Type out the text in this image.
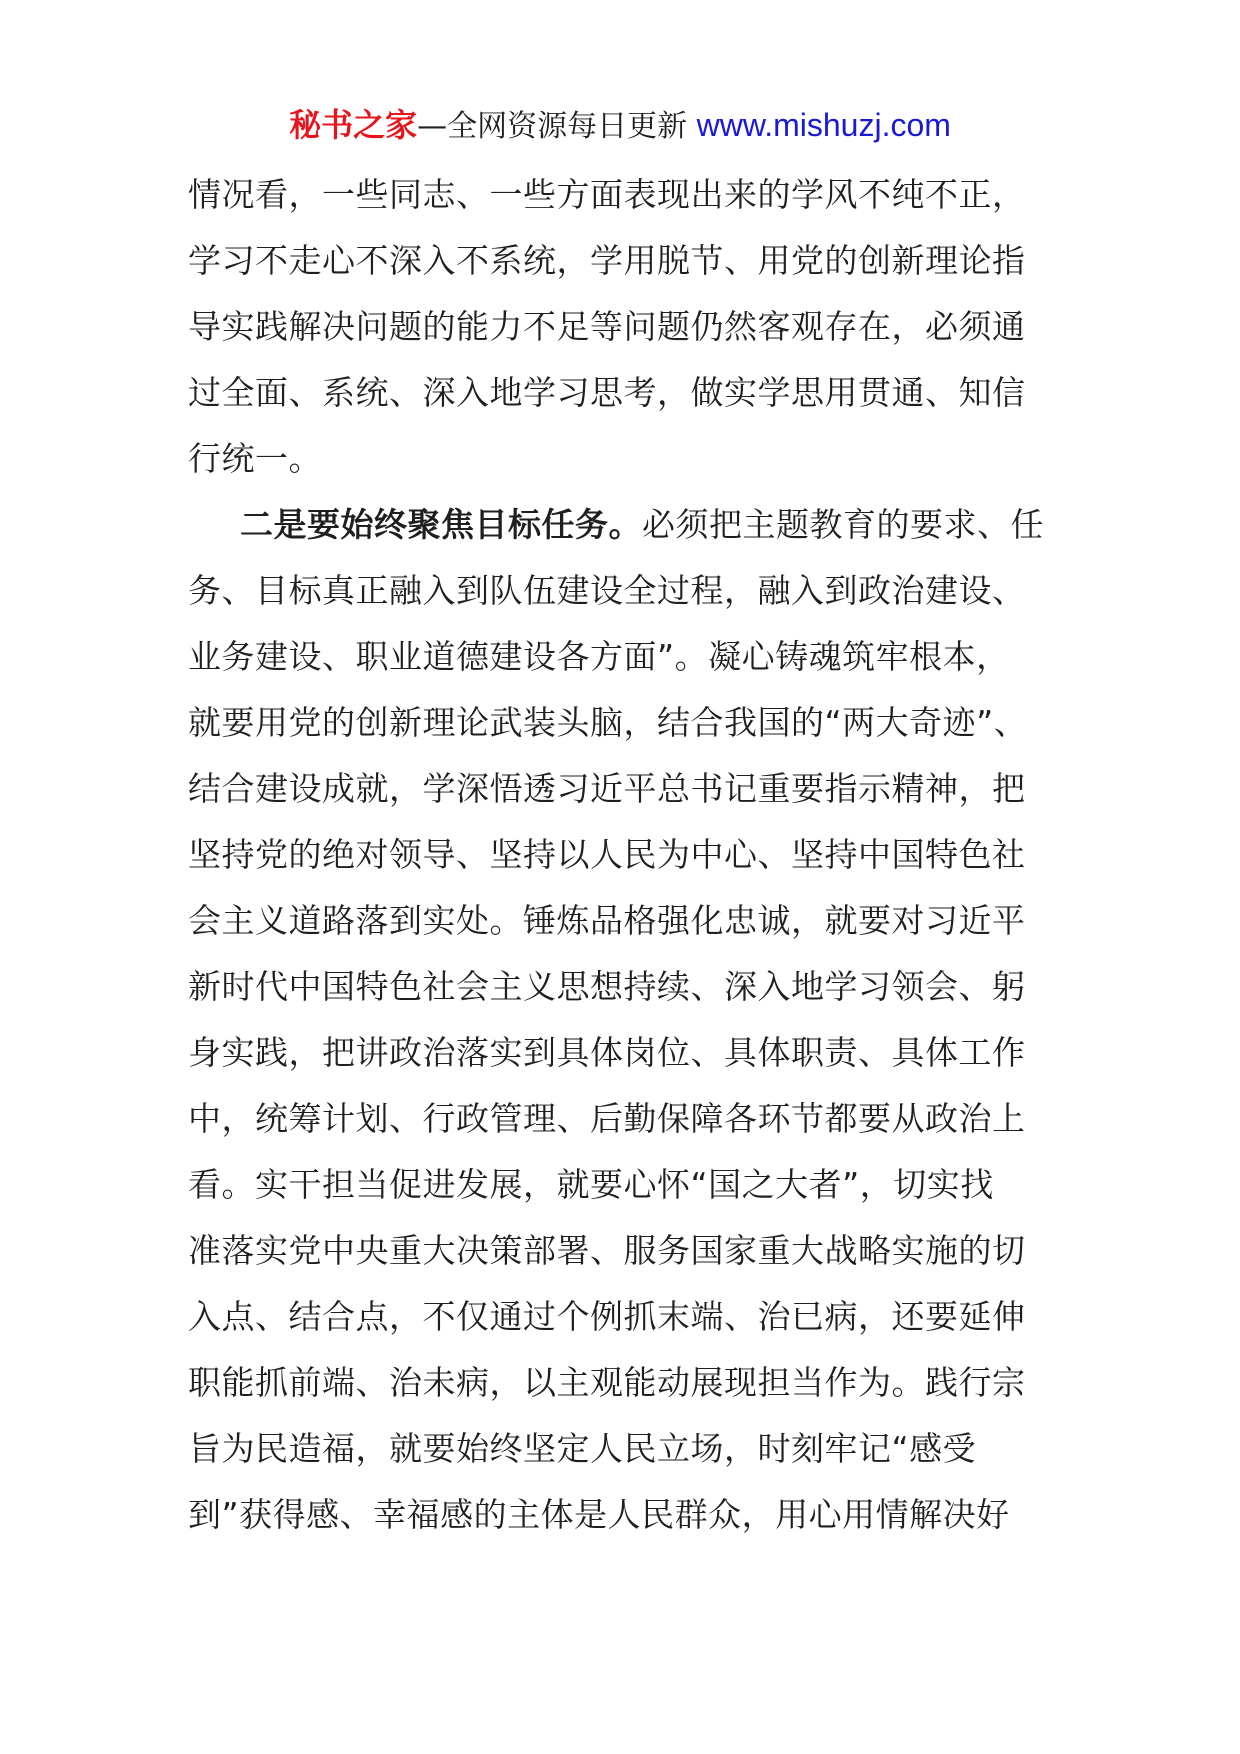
秘书之家—全网资源每日更新 www.mishuzj.com
情况看，一些同志、一些方面表现出来的学风不纯不正，
学习不走心不深入不系统，学用脱节、用党的创新理论指
导实践解决问题的能力不足等问题仍然客观存在，必须通
过全面、系统、深入地学习思考，做实学思用贯通、知信
行统一。
二是要始终聚焦目标任务。必须把主题教育的要求、任
务、目标真正融入到队伍建设全过程，融入到政治建设、
业务建设、职业道德建设各方面”。凝心铸魂筑牢根本，
就要用党的创新理论武装头脑，结合我国的“两大奇迹”、
结合建设成就，学深悟透习近平总书记重要指示精神，把
坚持党的绝对领导、坚持以人民为中心、坚持中国特色社
会主义道路落到实处。锤炼品格强化忠诚，就要对习近平
新时代中国特色社会主义思想持续、深入地学习领会、躬
身实践，把讲政治落实到具体岗位、具体职责、具体工作
中，统筹计划、行政管理、后勤保障各环节都要从政治上
看。实干担当促进发展，就要心怀“国之大者”，切实找
准落实党中央重大决策部署、服务国家重大战略实施的切
入点、结合点，不仅通过个例抓末端、治已病，还要延伸
职能抓前端、治未病，以主观能动展现担当作为。践行宗
旨为民造福，就要始终坚定人民立场，时刻牢记“感受
到”获得感、幸福感的主体是人民群众，用心用情解决好
